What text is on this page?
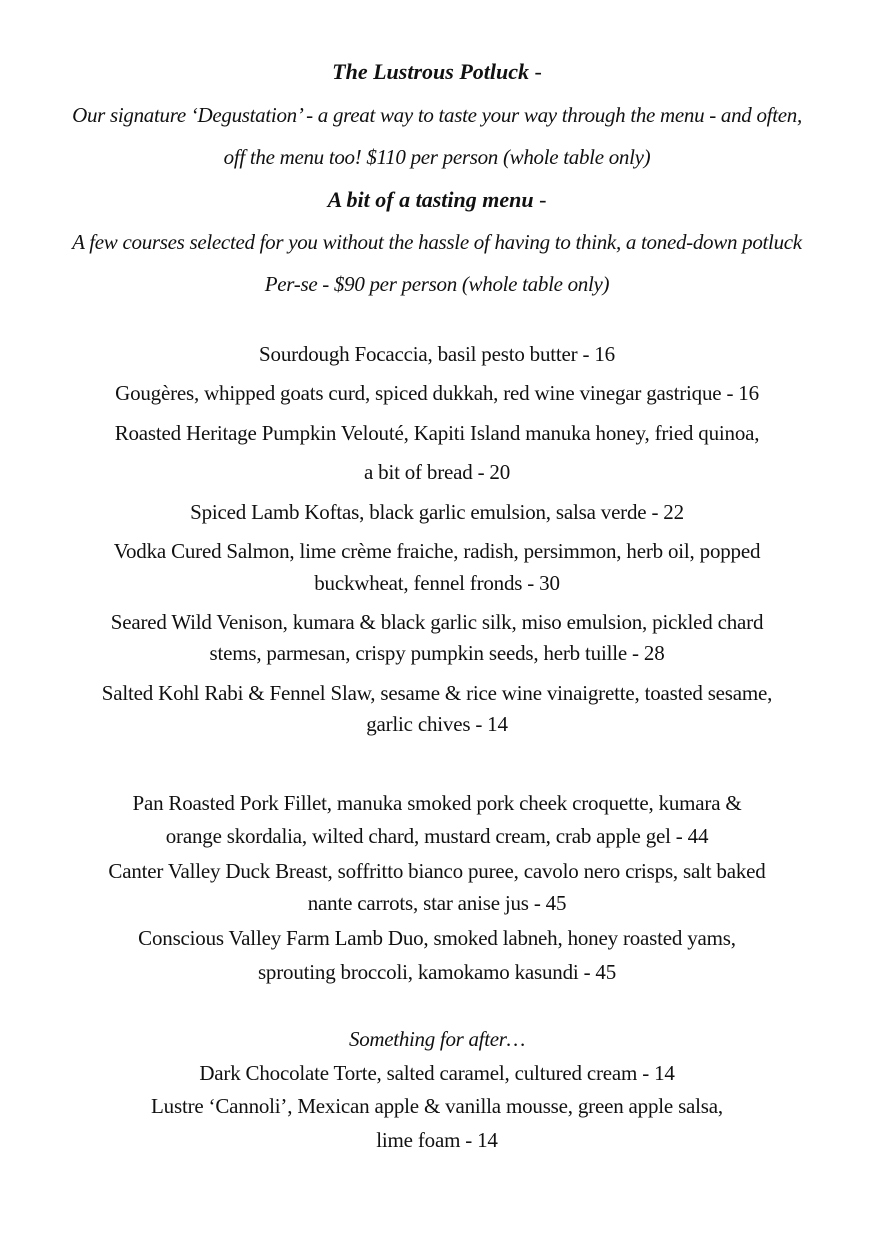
The Lustrous Potluck -
Our signature ‘Degustation’ - a great way to taste your way through the menu - and often,
off the menu too! $110 per person (whole table only)
A bit of a tasting menu -
A few courses selected for you without the hassle of having to think, a toned-down potluck
Per-se - $90 per person (whole table only)
Sourdough Focaccia, basil pesto butter - 16
Gougères, whipped goats curd, spiced dukkah, red wine vinegar gastrique - 16
Roasted Heritage Pumpkin Velouté, Kapiti Island manuka honey, fried quinoa,
a bit of bread - 20
Spiced Lamb Koftas, black garlic emulsion, salsa verde - 22
Vodka Cured Salmon, lime crème fraiche, radish, persimmon, herb oil, popped
buckwheat, fennel fronds - 30
Seared Wild Venison, kumara & black garlic silk, miso emulsion, pickled chard
stems, parmesan, crispy pumpkin seeds, herb tuille - 28
Salted Kohl Rabi & Fennel Slaw, sesame & rice wine vinaigrette, toasted sesame,
garlic chives - 14
Pan Roasted Pork Fillet, manuka smoked pork cheek croquette, kumara &
orange skordalia, wilted chard, mustard cream, crab apple gel - 44
Canter Valley Duck Breast, soffritto bianco puree, cavolo nero crisps, salt baked
nante carrots, star anise jus - 45
Conscious Valley Farm Lamb Duo, smoked labneh, honey roasted yams,
sprouting broccoli, kamokamo kasundi - 45
Something for after…
Dark Chocolate Torte, salted caramel, cultured cream - 14
Lustre ‘Cannoli’, Mexican apple & vanilla mousse, green apple salsa,
lime foam - 14
